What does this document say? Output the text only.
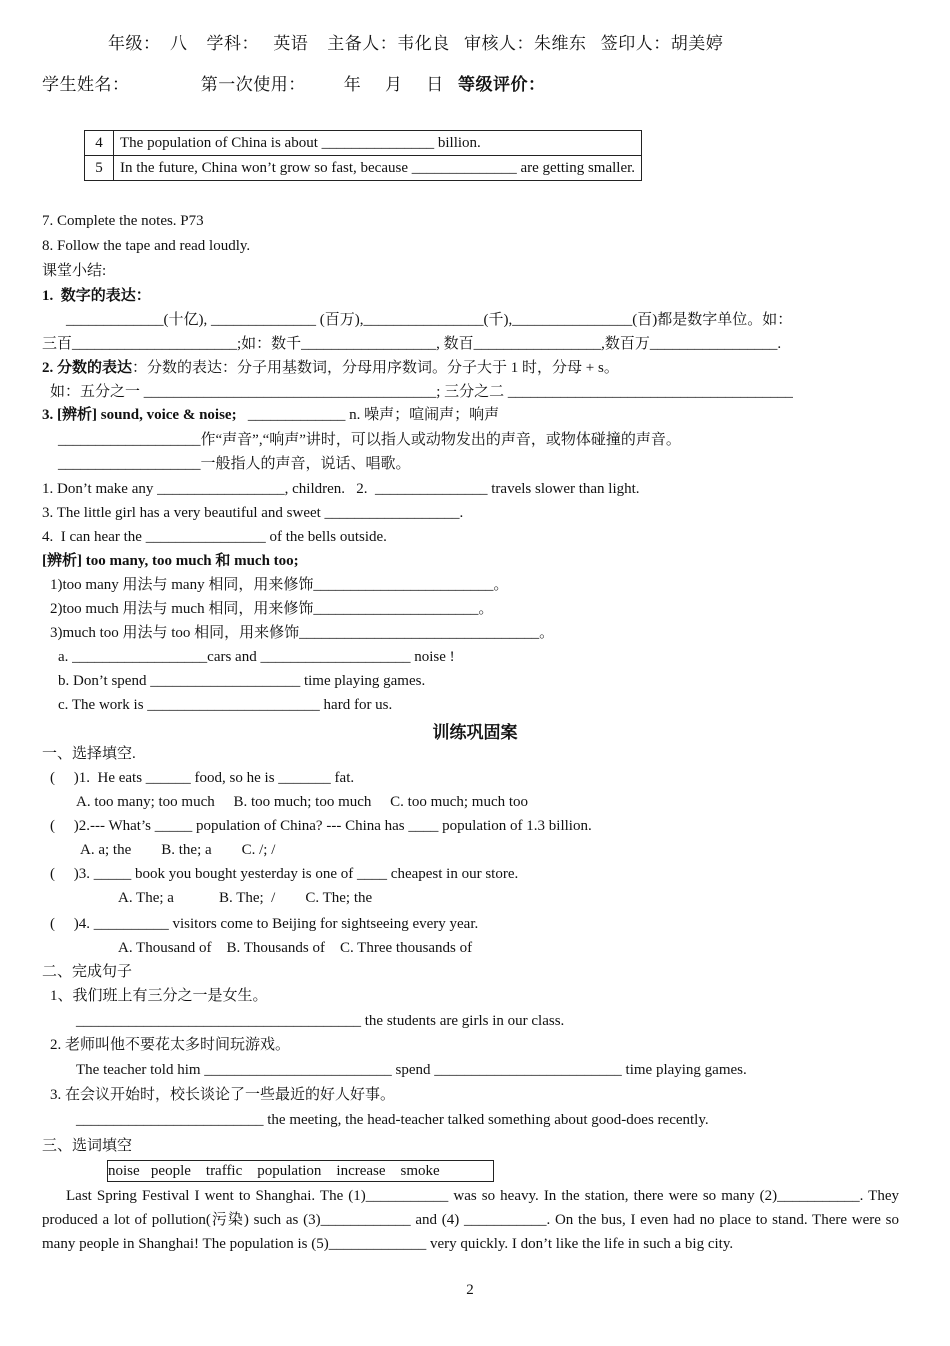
年级：  八    学科：   英语    主备人：韦化良   审核人：朱维东   签印人：胡美婷
学生姓名：               第一次使用：        年     月     日   等级评价：
4	The population of China is about _______________ billion.
5	In the future, China won’t grow so fast, because ______________ are getting smaller.
7. Complete the notes. P73
8. Follow the tape and read loudly.
课堂小结:
1.  数字的表达：
_____________(十亿), ______________ (百万),________________(千),________________(百)都是数字单位。如：
三百______________________;如：数千__________________, 数百_________________,数百万_________________.
2. 分数的表达：分数的表达：分子用基数词，分母用序数词。分子大于 1 时，分母 + s。
如：五分之一 _______________________________________; 三分之二 ______________________________________
3. [辨析] sound, voice & noise;   _____________ n. 噪声；喧闹声；响声
___________________作“声音”,“响声”讲时，可以指人或动物发出的声音，或物体碰撞的声音。
___________________一般指人的声音，说话、唱歌。
1. Don’t make any _________________, children.   2.  _______________ travels slower than light.
3. The little girl has a very beautiful and sweet __________________.
4.  I can hear the ________________ of the bells outside.
[辨析] too many, too much 和 much too;
1)too many 用法与 many 相同，用来修饰________________________。
2)too much 用法与 much 相同，用来修饰______________________。
3)much too 用法与 too 相同，用来修饰________________________________。
a. __________________cars and ____________________ noise !
b. Don’t spend ____________________ time playing games.
c. The work is _______________________ hard for us.
训练巩固案
一、选择填空.
(     )1.  He eats ______ food, so he is _______ fat.
A. too many; too much     B. too much; too much     C. too much; much too
(     )2.--- What’s _____ population of China? --- China has ____ population of 1.3 billion.
A. a; the        B. the; a        C. /; /
(     )3. _____ book you bought yesterday is one of ____ cheapest in our store.
A. The; a            B. The;  /        C. The; the
(     )4. __________ visitors come to Beijing for sightseeing every year.
A. Thousand of    B. Thousands of    C. Three thousands of
二、完成句子
1、我们班上有三分之一是女生。
______________________________________ the students are girls in our class.
2. 老师叫他不要花太多时间玩游戏。
The teacher told him _________________________ spend _________________________ time playing games.
3. 在会议开始时，校长谈论了一些最近的好人好事。
_________________________ the meeting, the head-teacher talked something about good-does recently.
三、选词填空
noise   people    traffic    population    increase    smoke
Last Spring Festival I went to Shanghai. The (1)___________ was so heavy. In the station, there were so many (2)___________. They produced a lot of pollution(污染) such as (3)____________ and (4) ___________. On the bus, I even had no place to stand. There were so many people in Shanghai! The population is (5)_____________ very quickly. I don’t like the life in such a big city.
2
